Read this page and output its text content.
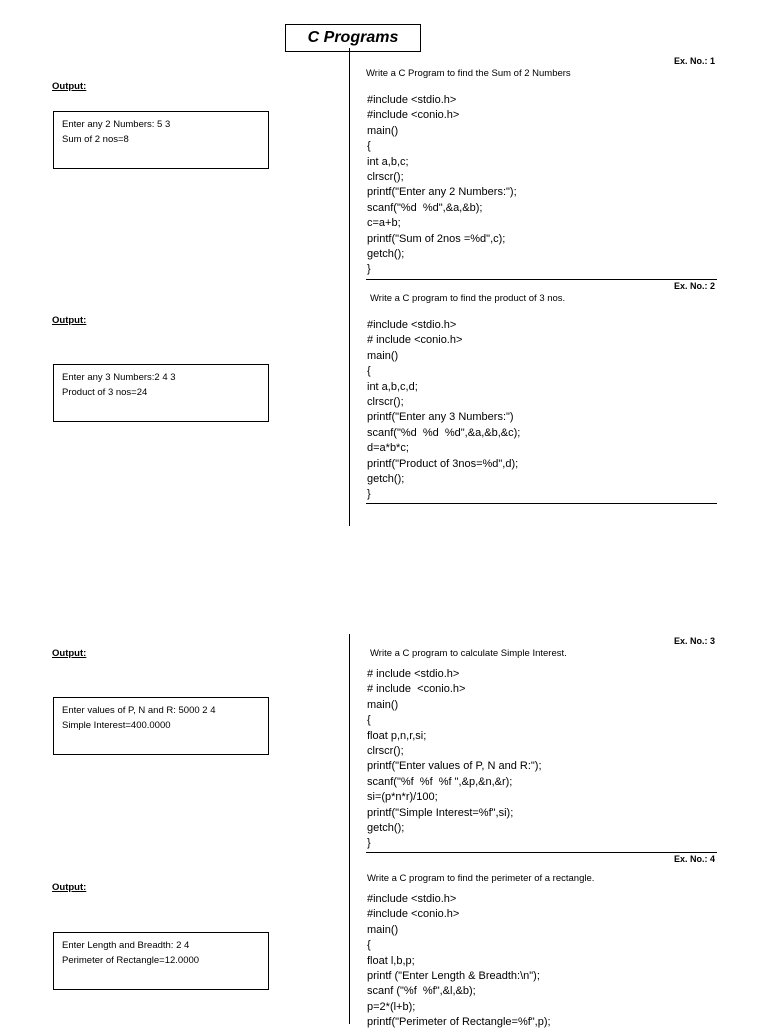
C Programs
Ex. No.: 1
Write a C Program to find the Sum of 2 Numbers
Output:
Enter any 2 Numbers: 5 3
Sum of 2 nos=8
#include <stdio.h>
#include <conio.h>
main()
{
int a,b,c;
clrscr();
printf("Enter any 2 Numbers:");
scanf("%d  %d",&a,&b);
c=a+b;
printf("Sum of 2nos =%d",c);
getch();
}
Ex. No.: 2
Write a C program to find the product of 3 nos.
Output:
Enter any 3 Numbers:2 4 3
Product of 3 nos=24
#include <stdio.h>
# include <conio.h>
main()
{
int a,b,c,d;
clrscr();
printf("Enter any 3 Numbers:")
scanf("%d  %d  %d",&a,&b,&c);
d=a*b*c;
printf("Product of 3nos=%d",d);
getch();
}
Ex. No.: 3
Write a C program to calculate Simple Interest.
Output:
Enter values of P, N and R: 5000 2 4
Simple Interest=400.0000
# include <stdio.h>
# include  <conio.h>
main()
{
float p,n,r,si;
clrscr();
printf("Enter values of P, N and R:");
scanf("%f  %f  %f ",&p,&n,&r);
si=(p*n*r)/100;
printf("Simple Interest=%f",si);
getch();
}
Ex. No.: 4
Write a C program to find the perimeter of a rectangle.
Output:
Enter Length and Breadth: 2 4
Perimeter of Rectangle=12.0000
#include <stdio.h>
#include <conio.h>
main()
{
float l,b,p;
printf ("Enter Length & Breadth:\n");
scanf ("%f  %f",&l,&b);
p=2*(l+b);
printf("Perimeter of Rectangle=%f",p);
